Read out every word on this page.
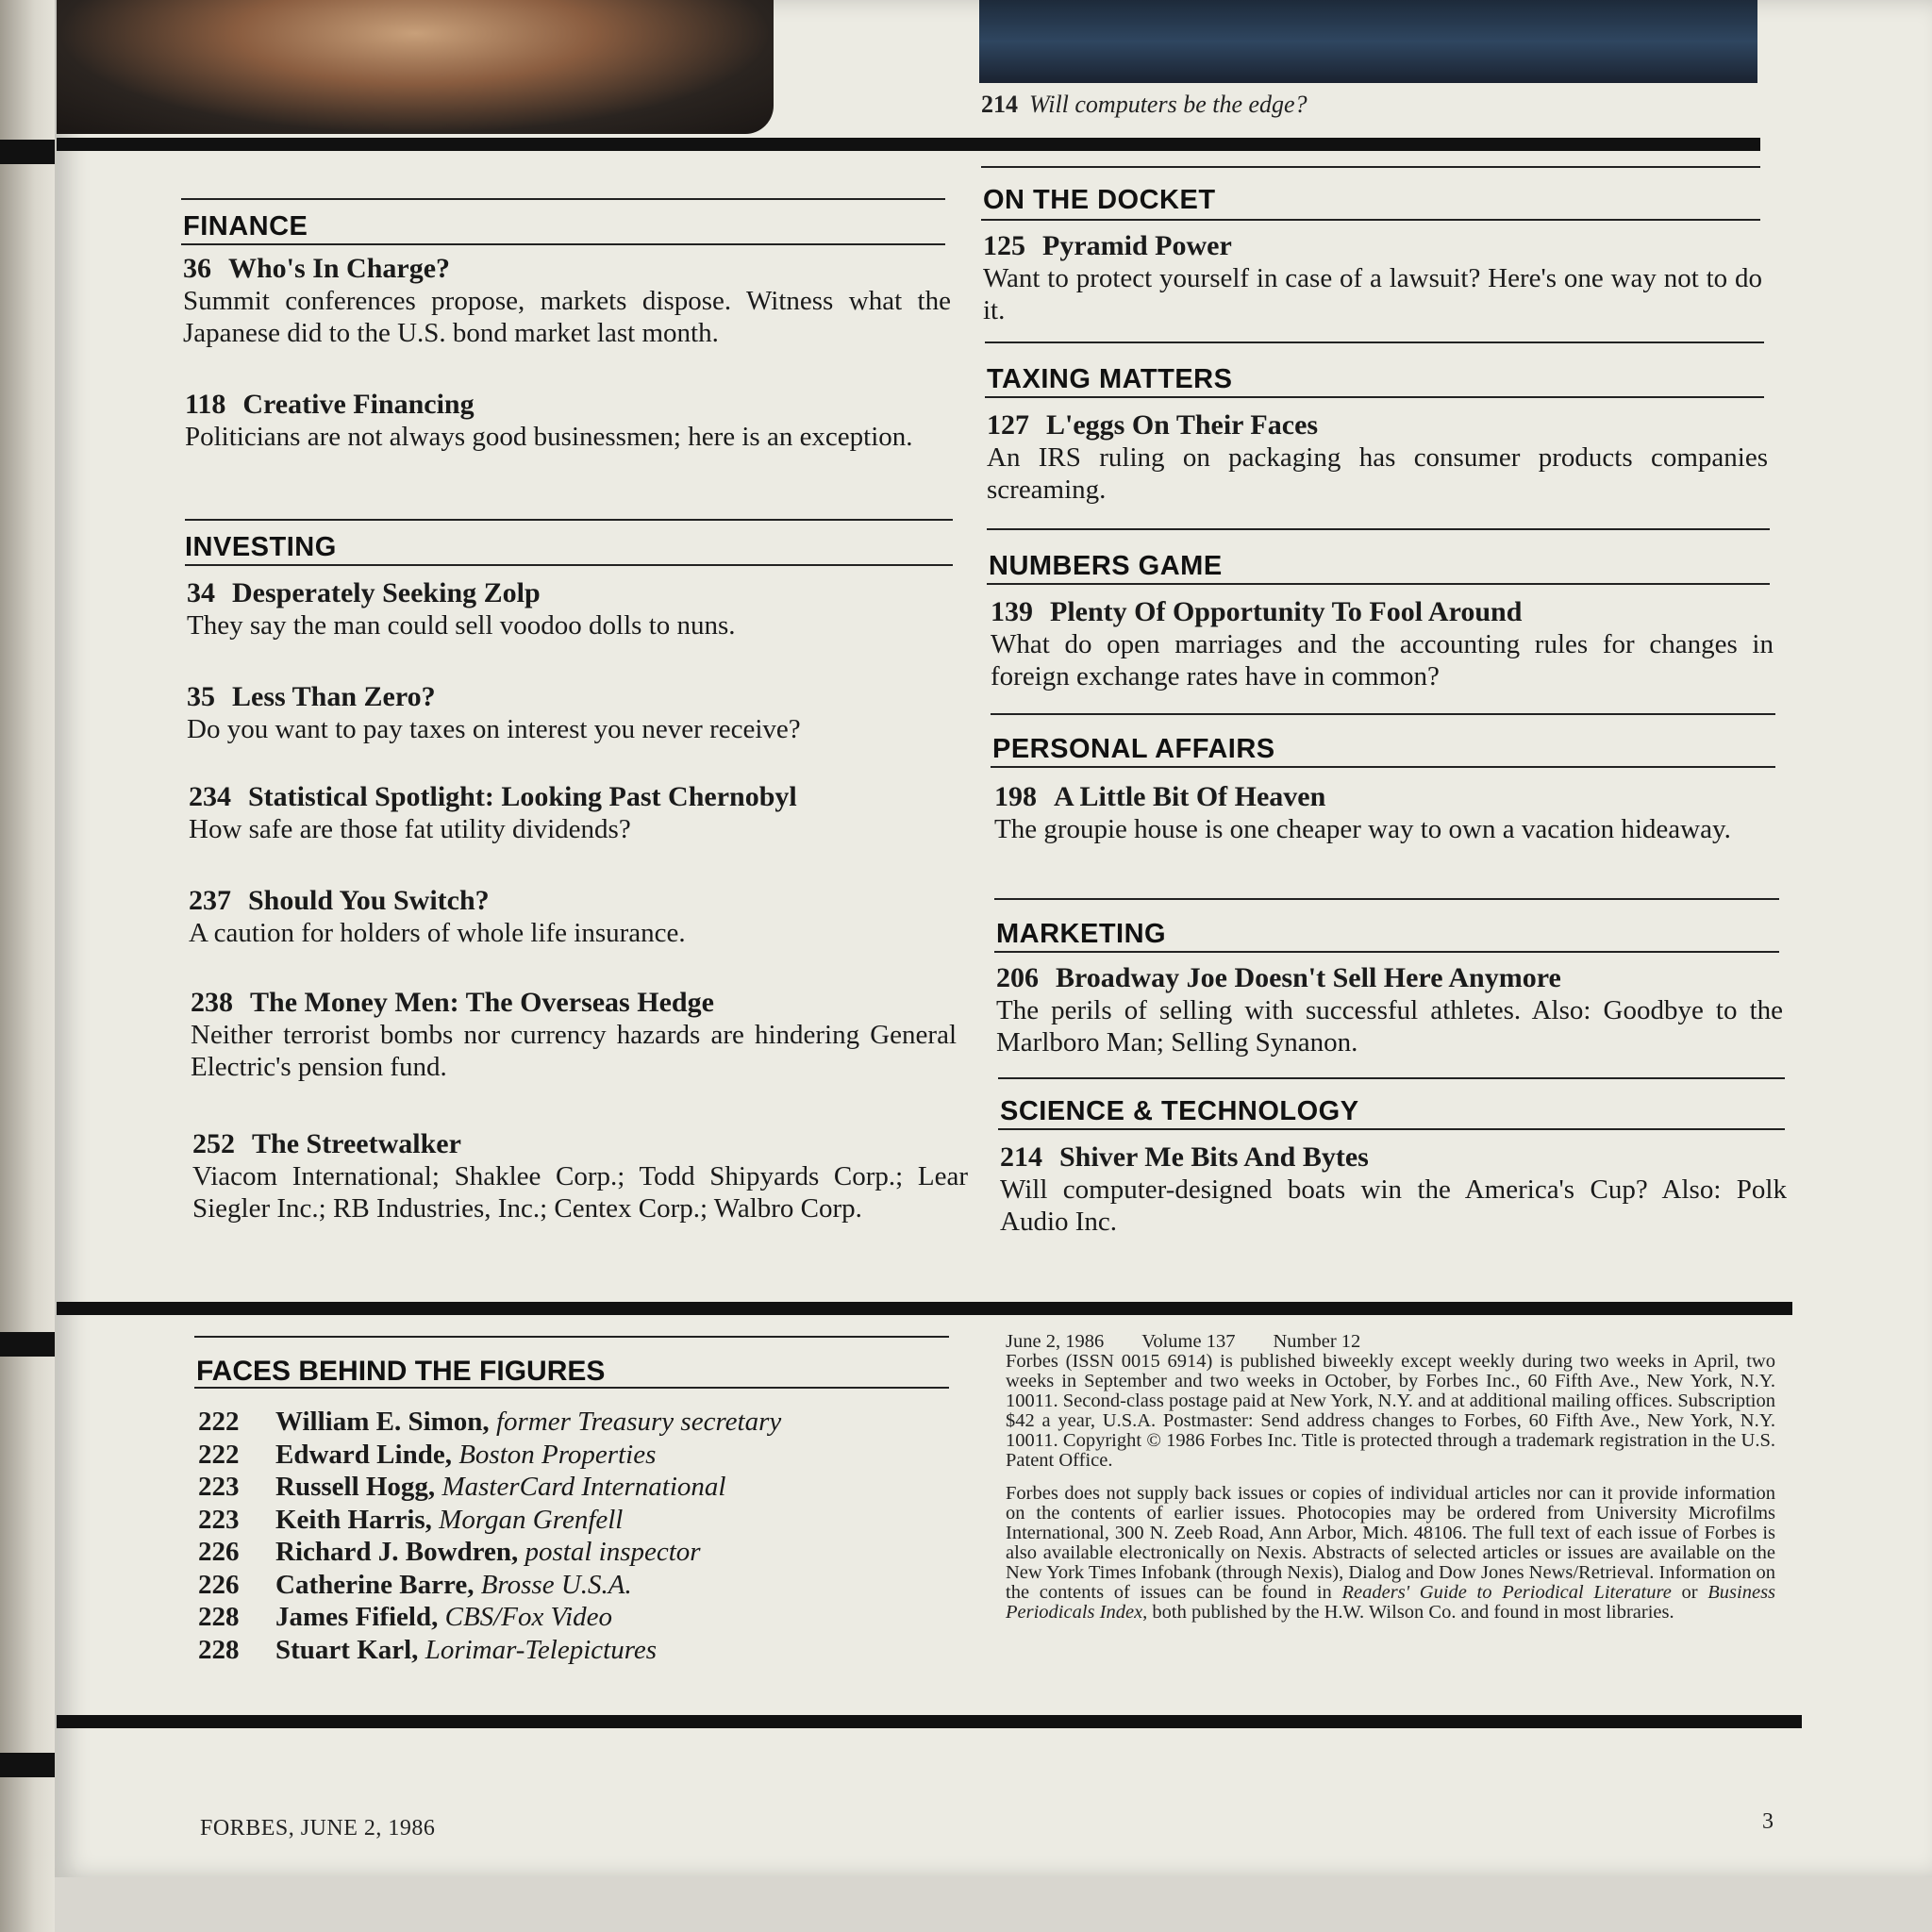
214 Will computers be the edge?
FINANCE
36 Who's In Charge?
Summit conferences propose, markets dispose. Witness what the Japanese did to the U.S. bond market last month.
118 Creative Financing
Politicians are not always good businessmen; here is an exception.
INVESTING
34 Desperately Seeking Zolp
They say the man could sell voodoo dolls to nuns.
35 Less Than Zero?
Do you want to pay taxes on interest you never receive?
234 Statistical Spotlight: Looking Past Chernobyl
How safe are those fat utility dividends?
237 Should You Switch?
A caution for holders of whole life insurance.
238 The Money Men: The Overseas Hedge
Neither terrorist bombs nor currency hazards are hindering General Electric's pension fund.
252 The Streetwalker
Viacom International; Shaklee Corp.; Todd Shipyards Corp.; Lear Siegler Inc.; RB Industries, Inc.; Centex Corp.; Walbro Corp.
ON THE DOCKET
125 Pyramid Power
Want to protect yourself in case of a lawsuit? Here's one way not to do it.
TAXING MATTERS
127 L'eggs On Their Faces
An IRS ruling on packaging has consumer products companies screaming.
NUMBERS GAME
139 Plenty Of Opportunity To Fool Around
What do open marriages and the accounting rules for changes in foreign exchange rates have in common?
PERSONAL AFFAIRS
198 A Little Bit Of Heaven
The groupie house is one cheaper way to own a vacation hideaway.
MARKETING
206 Broadway Joe Doesn't Sell Here Anymore
The perils of selling with successful athletes. Also: Goodbye to the Marlboro Man; Selling Synanon.
SCIENCE & TECHNOLOGY
214 Shiver Me Bits And Bytes
Will computer-designed boats win the America's Cup? Also: Polk Audio Inc.
FACES BEHIND THE FIGURES
222 William E. Simon, former Treasury secretary
222 Edward Linde, Boston Properties
223 Russell Hogg, MasterCard International
223 Keith Harris, Morgan Grenfell
226 Richard J. Bowdren, postal inspector
226 Catherine Barre, Brosse U.S.A.
228 James Fifield, CBS/Fox Video
228 Stuart Karl, Lorimar-Telepictures
June 2, 1986 Volume 137 Number 12

Forbes (ISSN 0015 6914) is published biweekly except weekly during two weeks in April, two weeks in September and two weeks in October, by Forbes Inc., 60 Fifth Ave., New York, N.Y. 10011. Second-class postage paid at New York, N.Y. and at additional mailing offices. Subscription $42 a year, U.S.A. Postmaster: Send address changes to Forbes, 60 Fifth Ave., New York, N.Y. 10011. Copyright © 1986 Forbes Inc. Title is protected through a trademark registration in the U.S. Patent Office.

Forbes does not supply back issues or copies of individual articles nor can it provide information on the contents of earlier issues. Photocopies may be ordered from University Microfilms International, 300 N. Zeeb Road, Ann Arbor, Mich. 48106. The full text of each issue of Forbes is also available electronically on Nexis. Abstracts of selected articles or issues are available on the New York Times Infobank (through Nexis), Dialog and Dow Jones News/Retrieval. Information on the contents of issues can be found in Readers' Guide to Periodical Literature or Business Periodicals Index, both published by the H.W. Wilson Co. and found in most libraries.

FORBES, JUNE 2, 1986	3
